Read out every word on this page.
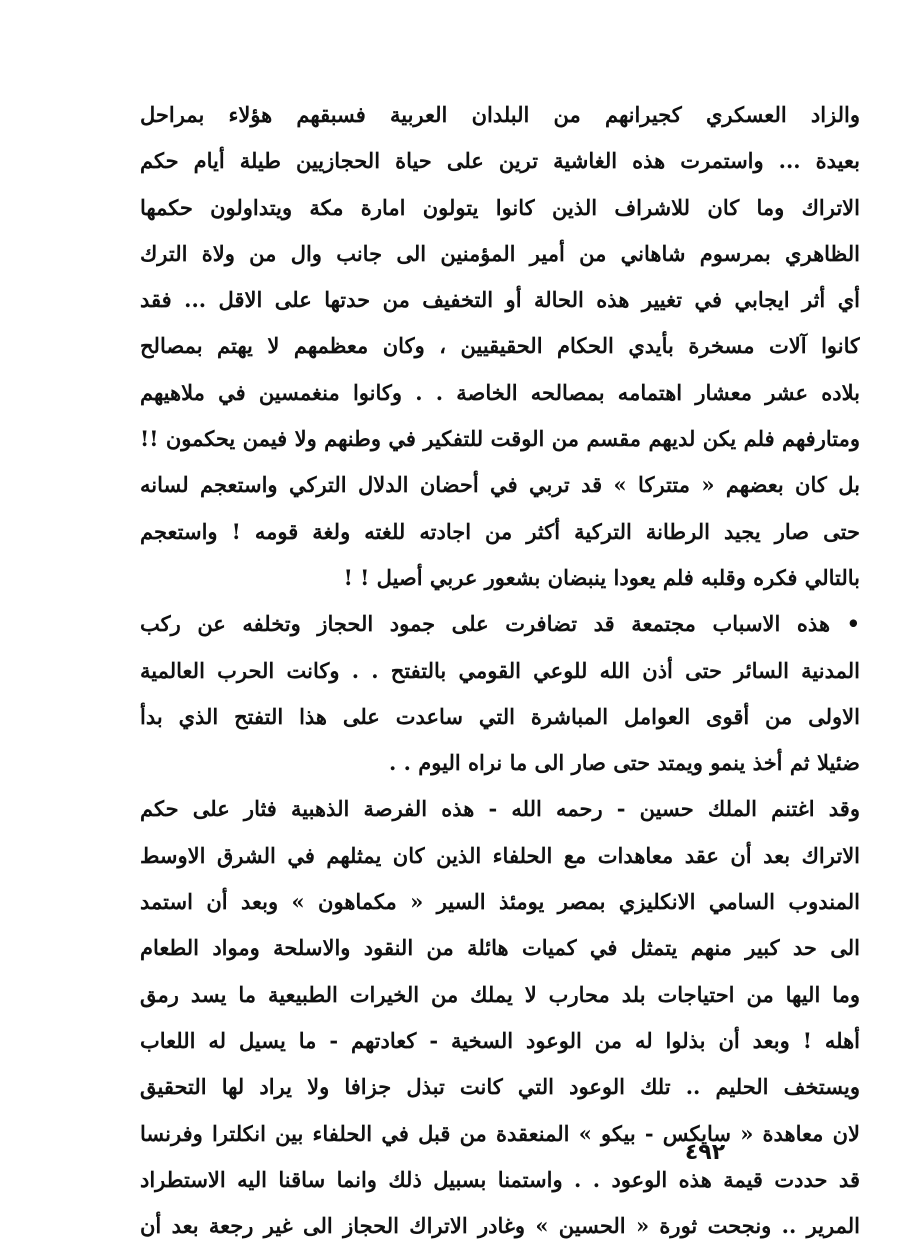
والزاد العسكري كجيرانهم من البلدان العربية فسبقهم هؤلاء بمراحل
بعيدة ... واستمرت هذه الغاشية ترين على حياة الحجازيين طيلة أيام حكم
الاتراك وما كان للاشراف الذين كانوا يتولون امارة مكة ويتداولون حكمها
الظاهري بمرسوم شاهاني من أمير المؤمنين الى جانب وال من ولاة الترك
أي أثر ايجابي في تغيير هذه الحالة أو التخفيف من حدتها على الاقل ... فقد
كانوا آلات مسخرة بأيدي الحكام الحقيقيين ، وكان معظمهم لا يهتم بمصالح
بلاده عشر معشار اهتمامه بمصالحه الخاصة . . وكانوا منغمسين في ملاهيهم
ومتارفهم فلم يكن لديهم مقسم من الوقت للتفكير في وطنهم ولا فيمن يحكمون !!
بل كان بعضهم « متتركا » قد تربي في أحضان الدلال التركي واستعجم لسانه
حتى صار يجيد الرطانة التركية أكثر من اجادته للغته ولغة قومه ! واستعجم
بالتالي فكره وقلبه فلم يعودا ينبضان بشعور عربي أصيل ! !
• هذه الاسباب مجتمعة قد تضافرت على جمود الحجاز وتخلفه عن ركب
المدنية السائر حتى أذن الله للوعي القومي بالتفتح . . وكانت الحرب العالمية
الاولى من أقوى العوامل المباشرة التي ساعدت على هذا التفتح الذي بدأ
ضئيلا ثم أخذ ينمو ويمتد حتى صار الى ما نراه اليوم . .
وقد اغتنم الملك حسين - رحمه الله - هذه الفرصة الذهبية فثار على حكم
الاتراك بعد أن عقد معاهدات مع الحلفاء الذين كان يمثلهم في الشرق الاوسط
المندوب السامي الانكليزي بمصر يومئذ السير « مكماهون » وبعد أن استمد
الى حد كبير منهم يتمثل في كميات هائلة من النقود والاسلحة ومواد الطعام
وما اليها من احتياجات بلد محارب لا يملك من الخيرات الطبيعية ما يسد رمق
أهله ! وبعد أن بذلوا له من الوعود السخية - كعادتهم - ما يسيل له اللعاب
ويستخف الحليم .. تلك الوعود التي كانت تبذل جزافا ولا يراد لها التحقيق
لان معاهدة « سايكس - بيكو » المنعقدة من قبل في الحلفاء بين انكلترا وفرنسا
قد حددت قيمة هذه الوعود . . واستمنا بسبيل ذلك وانما ساقنا اليه الاستطراد
المرير .. ونجحت ثورة « الحسين » وغادر الاتراك الحجاز الى غير رجعة بعد أن
٤٩٢
